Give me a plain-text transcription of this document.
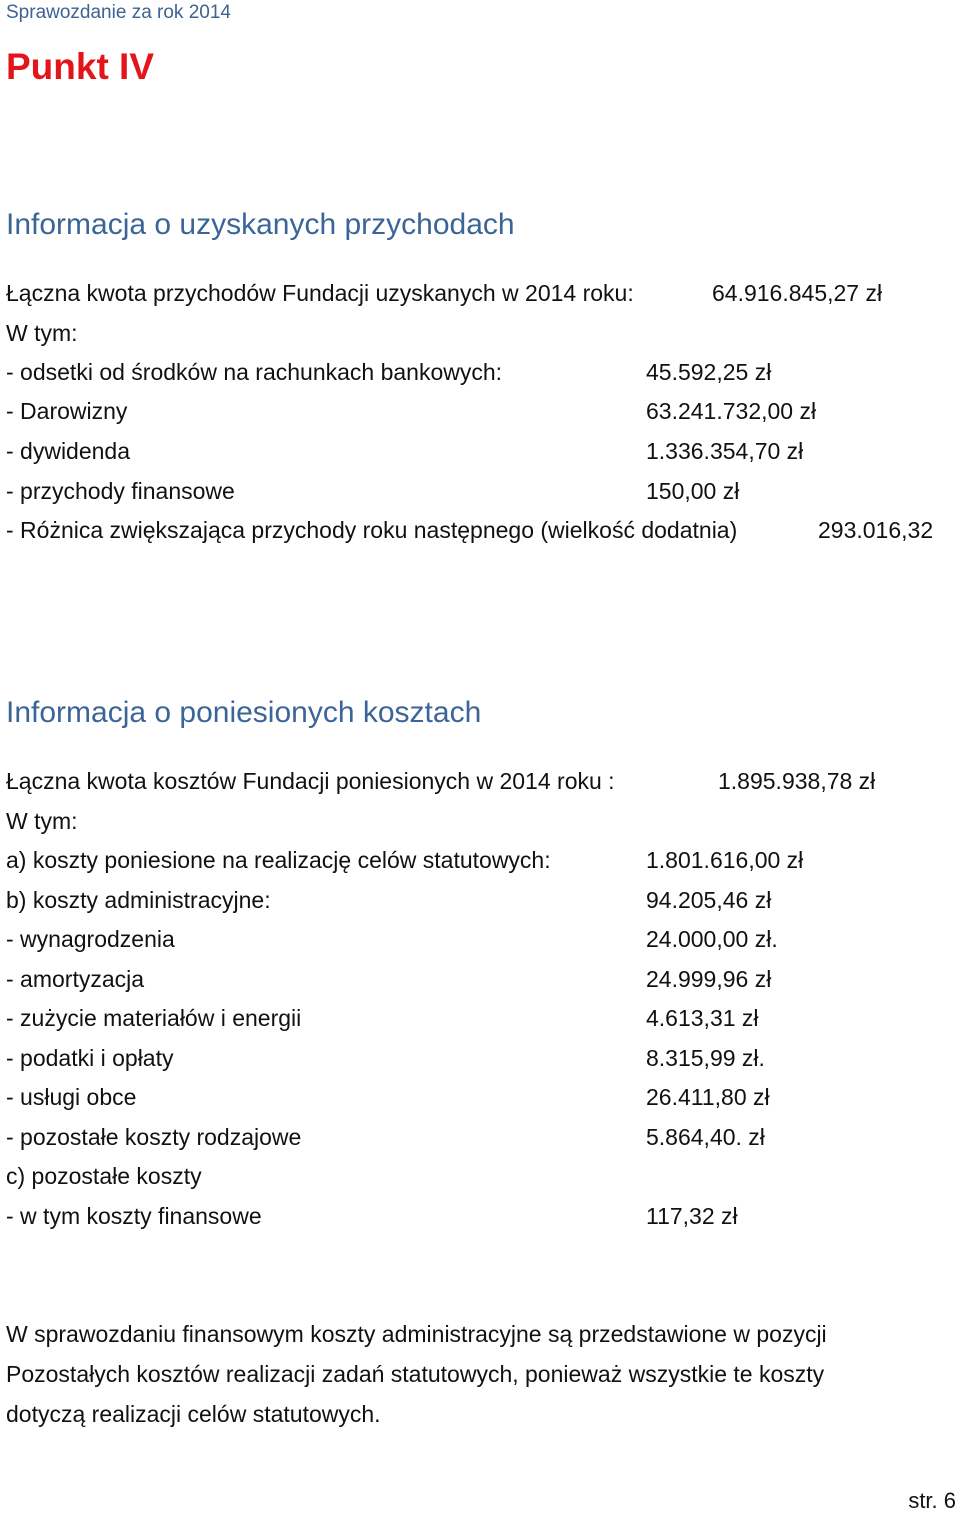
Sprawozdanie za rok 2014
Punkt IV
Informacja o uzyskanych przychodach
Łączna kwota przychodów Fundacji uzyskanych w 2014 roku:	64.916.845,27 zł
W tym:
- odsetki od środków na rachunkach bankowych:	45.592,25 zł
- Darowizny	63.241.732,00 zł
- dywidenda	1.336.354,70 zł
- przychody finansowe	150,00 zł
- Różnica zwiększająca przychody roku następnego (wielkość dodatnia)	293.016,32
Informacja o poniesionych kosztach
Łączna kwota kosztów Fundacji poniesionych w 2014 roku :	1.895.938,78 zł
W tym:
a) koszty poniesione na realizację celów statutowych:	1.801.616,00 zł
b) koszty administracyjne:	94.205,46 zł
- wynagrodzenia	24.000,00 zł.
- amortyzacja	24.999,96 zł
- zużycie materiałów i energii	4.613,31 zł
- podatki i opłaty	8.315,99 zł.
- usługi obce	26.411,80 zł
- pozostałe koszty rodzajowe	5.864,40. zł
c) pozostałe koszty
- w tym koszty finansowe	117,32 zł
W sprawozdaniu finansowym koszty administracyjne są przedstawione w pozycji
Pozostałych kosztów realizacji zadań statutowych, ponieważ wszystkie te koszty
dotyczą realizacji celów statutowych.
str. 6
